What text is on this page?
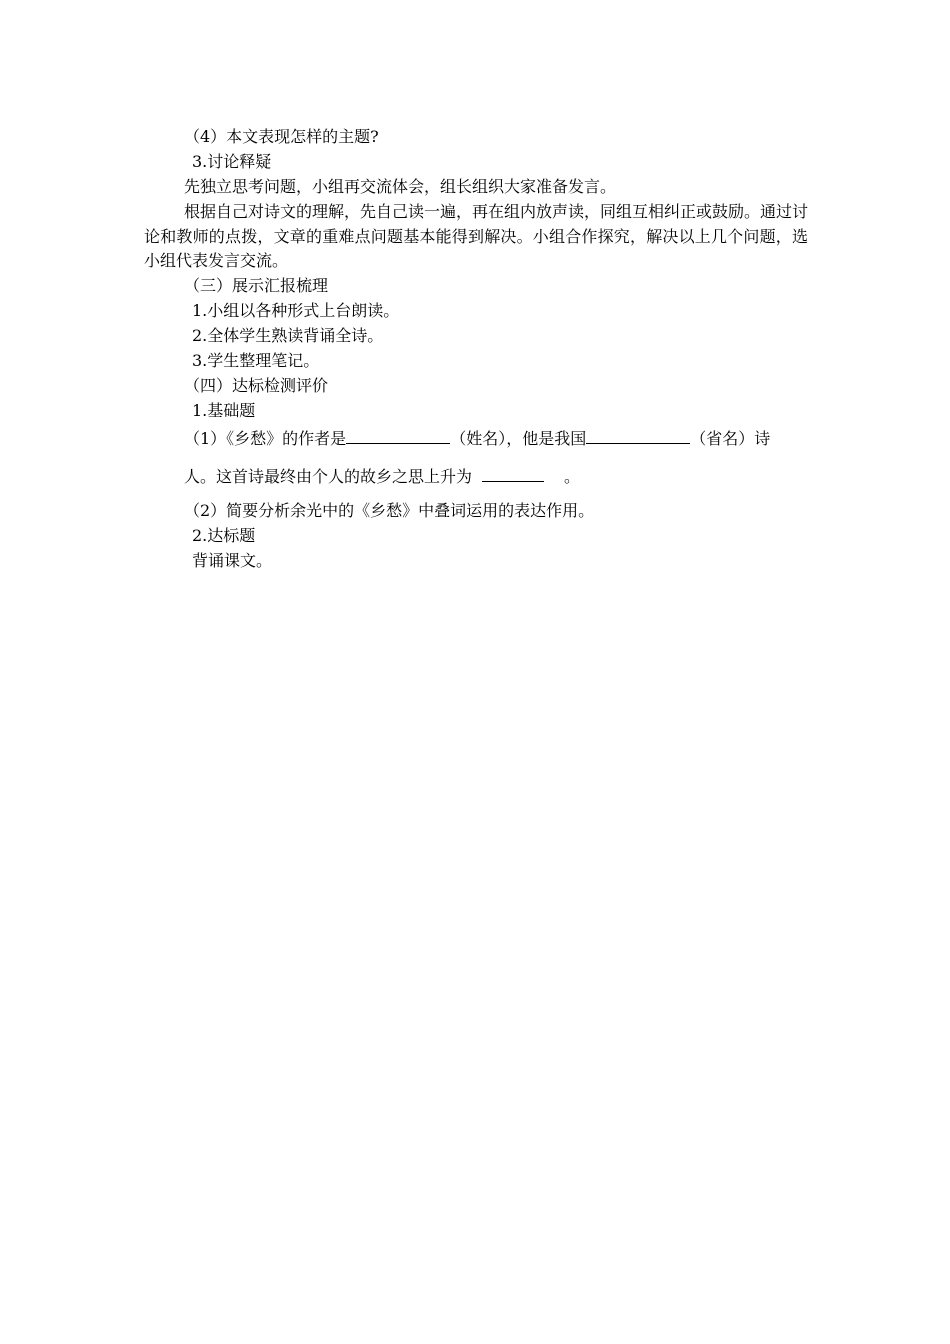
（4）本文表现怎样的主题?
3.讨论释疑
先独立思考问题，小组再交流体会，组长组织大家准备发言。
根据自己对诗文的理解，先自己读一遍，再在组内放声读，同组互相纠正或鼓励。通过讨论和教师的点拨，文章的重难点问题基本能得到解决。小组合作探究，解决以上几个问题，选小组代表发言交流。
（三）展示汇报梳理
1.小组以各种形式上台朗读。
2.全体学生熟读背诵全诗。
3.学生整理笔记。
（四）达标检测评价
1.基础题
（1）《乡愁》的作者是	（姓名），他是我国	（省名）诗
人。这首诗最终由个人的故乡之思上升为	。
（2）简要分析余光中的《乡愁》中叠词运用的表达作用。
2.达标题
背诵课文。
